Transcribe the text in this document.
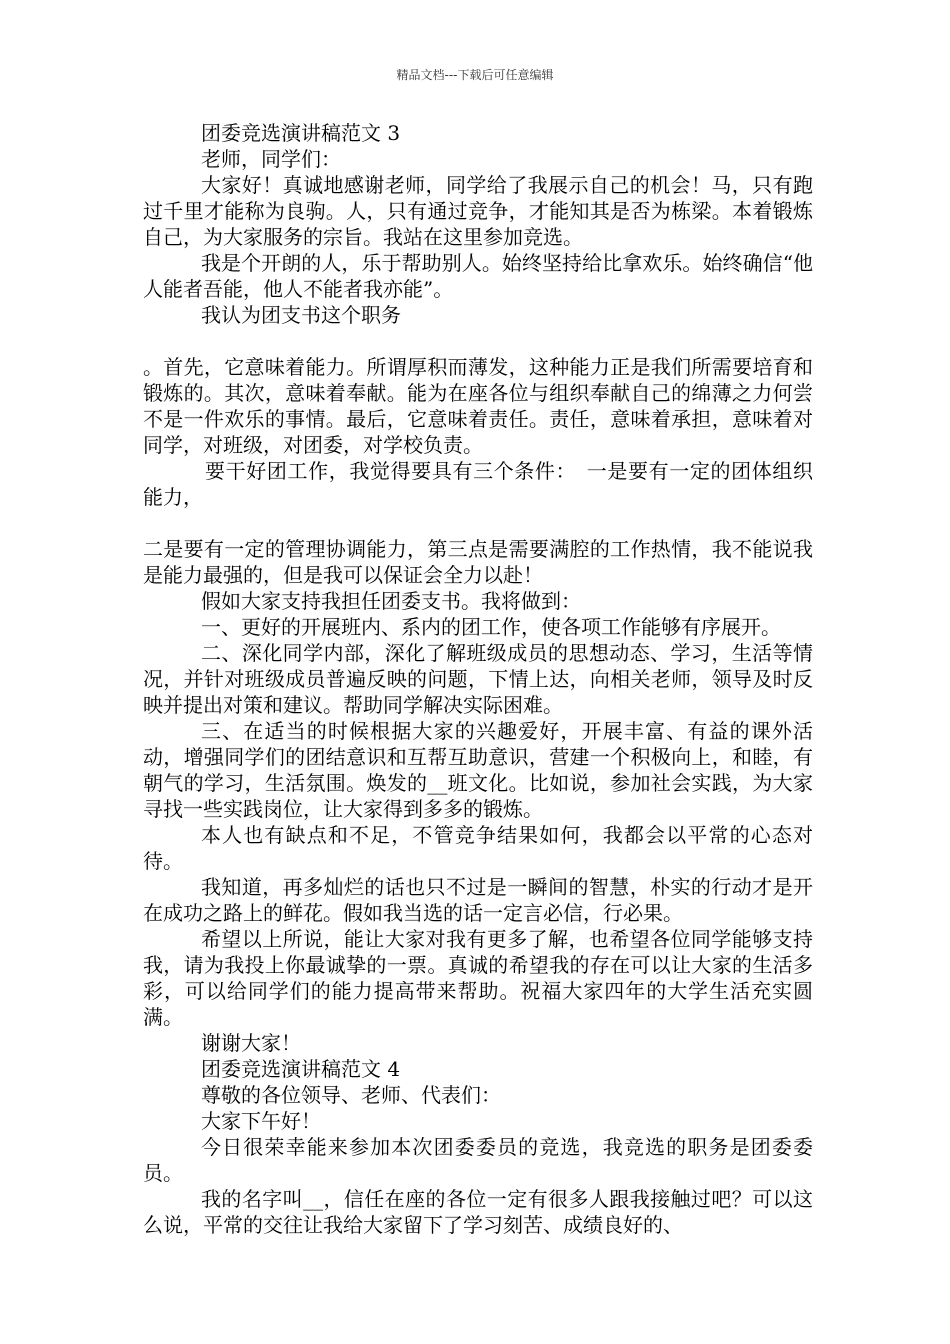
精品文档---下载后可任意编辑

团委竞选演讲稿范文 3

老师，同学们：

大家好！真诚地感谢老师，同学给了我展示自己的机会！马，只有跑过千里才能称为良驹。人，只有通过竞争，才能知其是否为栋梁。本着锻炼自己，为大家服务的宗旨。我站在这里参加竞选。

我是个开朗的人，乐于帮助别人。始终坚持给比拿欢乐。始终确信“他人能者吾能，他人不能者我亦能”。

我认为团支书这个职务

。首先，它意味着能力。所谓厚积而薄发，这种能力正是我们所需要培育和锻炼的。其次，意味着奉献。能为在座各位与组织奉献自己的绵薄之力何尝不是一件欢乐的事情。最后，它意味着责任。责任，意味着承担，意味着对同学，对班级，对团委，对学校负责。

要干好团工作，我觉得要具有三个条件：　一是要有一定的团体组织能力，

二是要有一定的管理协调能力，第三点是需要满腔的工作热情，我不能说我是能力最强的，但是我可以保证会全力以赴！

假如大家支持我担任团委支书。我将做到：

一、更好的开展班内、系内的团工作，使各项工作能够有序展开。

二、深化同学内部，深化了解班级成员的思想动态、学习，生活等情况，并针对班级成员普遍反映的问题，下情上达，向相关老师，领导及时反映并提出对策和建议。帮助同学解决实际困难。

三、在适当的时候根据大家的兴趣爱好，开展丰富、有益的课外活动，增强同学们的团结意识和互帮互助意识，营建一个积极向上，和睦，有朝气的学习，生活氛围。焕发的__班文化。比如说，参加社会实践，为大家寻找一些实践岗位，让大家得到多多的锻炼。

本人也有缺点和不足，不管竞争结果如何，我都会以平常的心态对待。

我知道，再多灿烂的话也只不过是一瞬间的智慧，朴实的行动才是开在成功之路上的鲜花。假如我当选的话一定言必信，行必果。

希望以上所说，能让大家对我有更多了解，也希望各位同学能够支持我，请为我投上你最诚挚的一票。真诚的希望我的存在可以让大家的生活多彩，可以给同学们的能力提高带来帮助。祝福大家四年的大学生活充实圆满。

谢谢大家！

团委竞选演讲稿范文 4

尊敬的各位领导、老师、代表们：

大家下午好！

今日很荣幸能来参加本次团委委员的竞选，我竞选的职务是团委委员。

我的名字叫__，信任在座的各位一定有很多人跟我接触过吧？可以这么说，平常的交往让我给大家留下了学习刻苦、成绩良好的、
